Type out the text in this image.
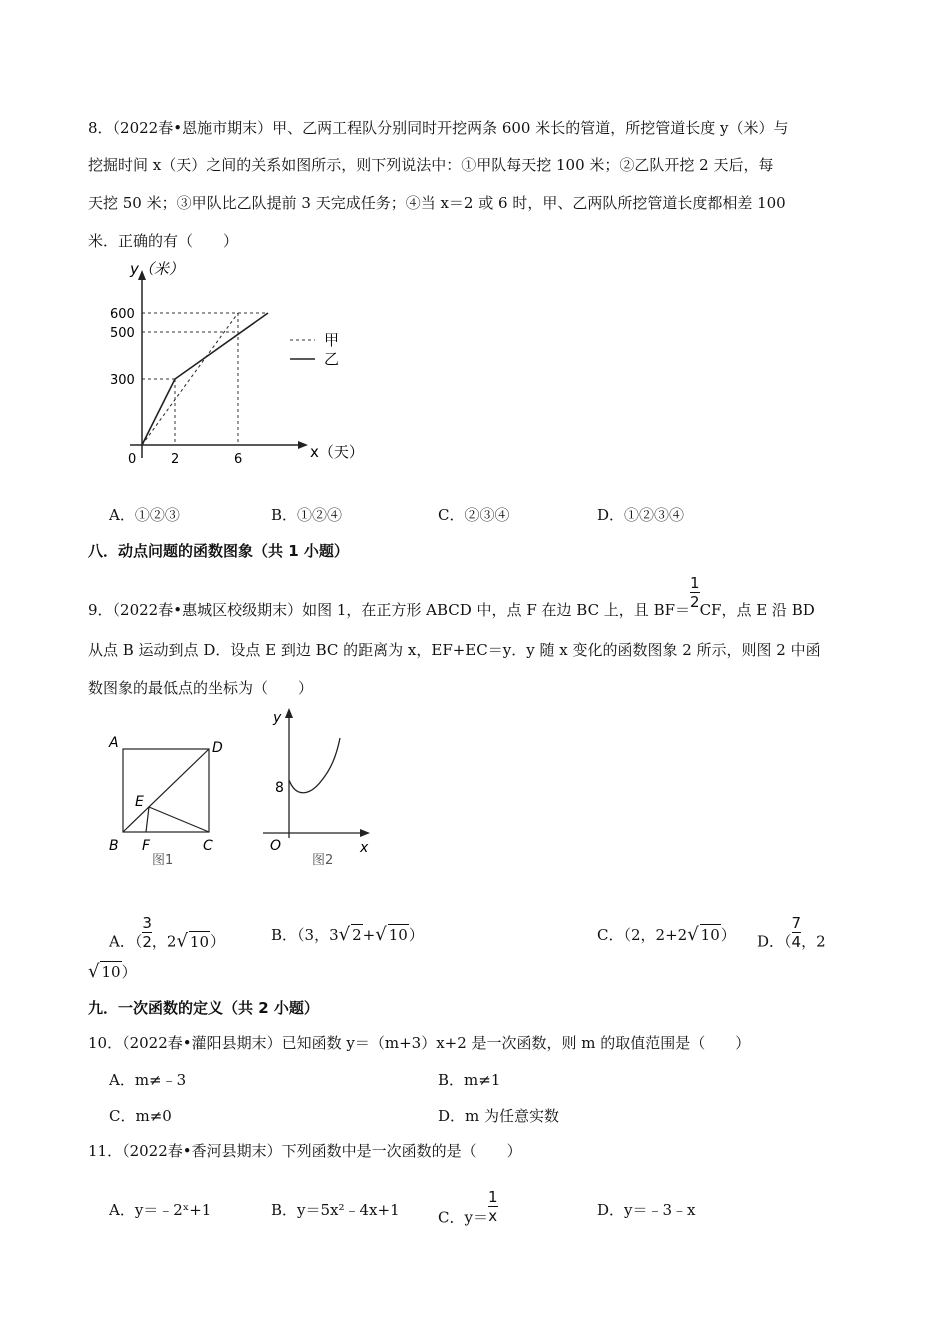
8．（2022春•恩施市期末）甲、乙两工程队分别同时开挖两条 600 米长的管道，所挖管道长度 y（米）与
挖掘时间 x（天）之间的关系如图所示，则下列说法中：①甲队每天挖 100 米；②乙队开挖 2 天后，每
天挖 50 米；③甲队比乙队提前 3 天完成任务；④当 x＝2 或 6 时，甲、乙两队所挖管道长度都相差 100
米．正确的有（　　）
甲
乙
600
500
300
0	2	6
y（米）
x（天）
A．①②③	B．①②④	C．②③④	D．①②③④
八．动点问题的函数图象（共 1 小题）
9．（2022春•惠城区校级期末）如图 1，在正方形 ABCD 中，点 F 在边 BC 上，且 $BF= \frac{1}{2}$ CF，点 E 沿 BD
从点 B 运动到点 D．设点 E 到边 BC 的距离为 x，EF+EC＝y．y 随 x 变化的函数图象 2 所示，则图 2 中函
数图象的最低点的坐标为（　　）
A
B	C
D
E
F
图1
y
x
O
8
图2
A．（ $\frac{3}{2}$ ，2√ 10）	B．（3，3√ 2+√ 10）	C．（2，2+2√ 10） D．（ $\frac{7}{4}$ ，2
√ 10）
九．一次函数的定义（共 2 小题）
10．（2022春•灌阳县期末）已知函数 y＝（m+3）x+2 是一次函数，则 m 的取值范围是（　　）
A．m≠﹣3	B．m≠1
C．m≠0	D．m 为任意实数
11．（2022春•香河县期末）下列函数中是一次函数的是（　　）
A．y＝﹣2ˣ+1	B．y＝5x²﹣4x+1	C．$y= \frac{1}{x}$	D．y＝﹣3﹣x
